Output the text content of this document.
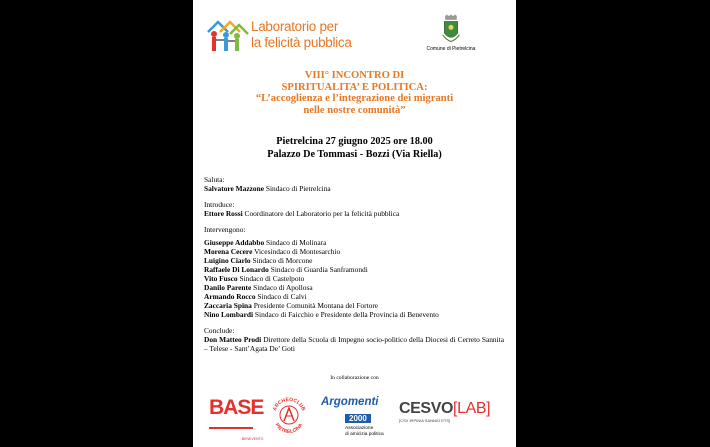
Laboratorio per
la felicità pubblica	Comune di Pietrelcina
VIII° INCONTRO DI
SPIRITUALITA’ E POLITICA:
“L’accoglienza e l’integrazione dei migranti
nelle nostre comunità”
Pietrelcina 27 giugno 2025 ore 18.00
Palazzo De Tommasi - Bozzi (Via Riella)
Saluta:
Salvatore Mazzone Sindaco di Pietrelcina
Introduce:
Ettore Rossi Coordinatore del Laboratorio per la felicità pubblica
Intervengono:
Giuseppe Addabbo Sindaco di Molinara
Morena Cecere Vicesindaco di Montesarchio
Luigino Ciarlo Sindaco di Morcone
Raffaele Di Lonardo Sindaco di Guardia Sanframondi
Vito Fusco Sindaco di Castelpoto
Danilo Parente Sindaco di Apollosa
Armando Rocco Sindaco di Calvi
Zaccaria Spina Presidente Comunità Montana del Fortore
Nino Lombardi Sindaco di Faicchio e Presidente della Provincia di Benevento
Conclude:
Don Matteo Prodi Direttore della Scuola di Impegno socio-politico della Diocesi di Cerreto Sannita – Telese - Sant’Agata De’ Goti
In collaborazione con
BASE
BENEVENTO
ARCHEOCLUB
PIETRELCINA
Argomenti
2000
Associazione
di amicizia politica
CESVO[LAB]
[CSV IRPINIA SANNIO ETS]
